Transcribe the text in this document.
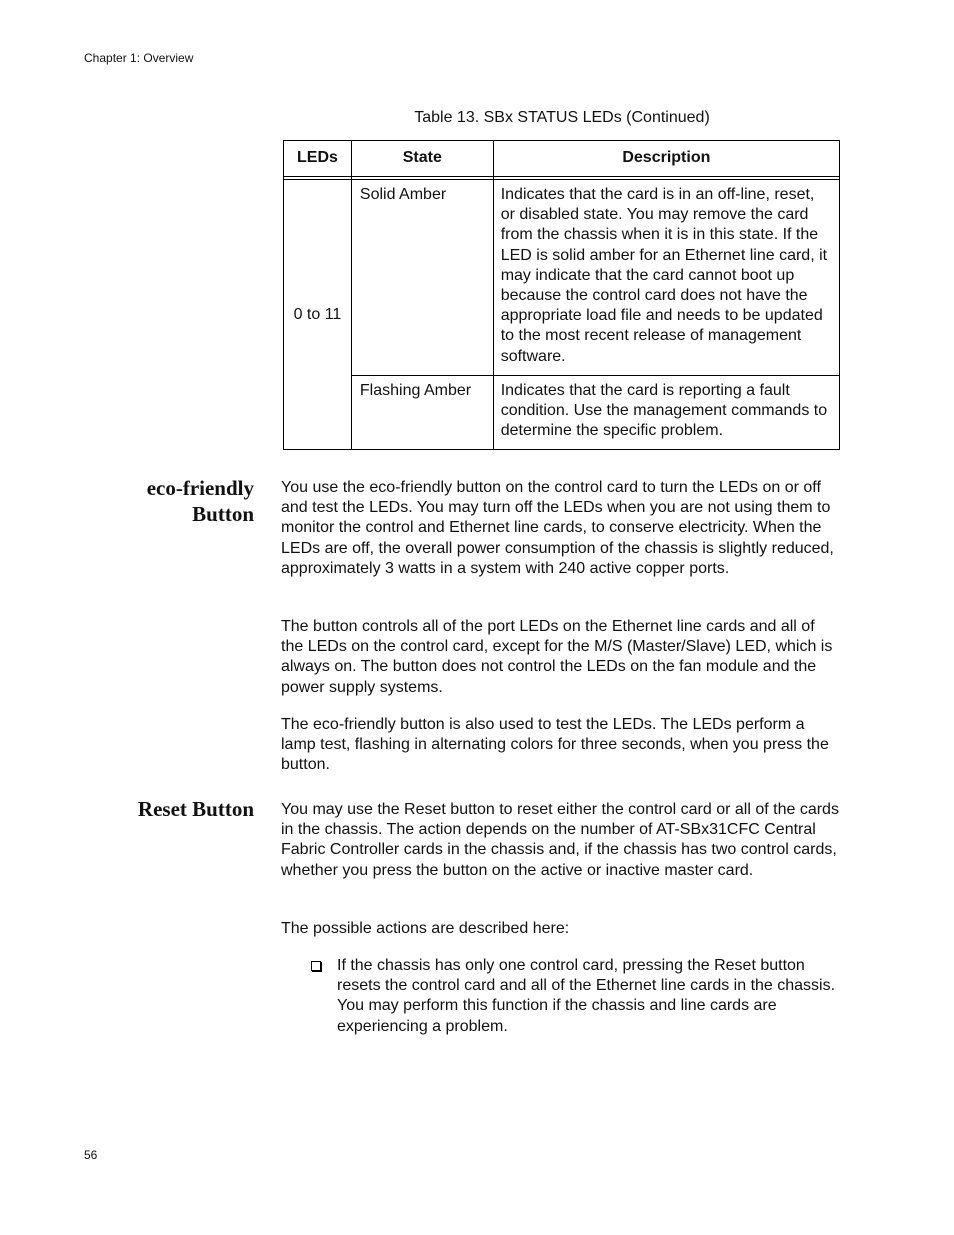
Chapter 1: Overview
Table 13. SBx STATUS LEDs (Continued)
LEDs	State	Description

0 to 11	Solid Amber	Indicates that the card is in an off-line, reset, or disabled state. You may remove the card from the chassis when it is in this state. If the LED is solid amber for an Ethernet line card, it may indicate that the card cannot boot up because the control card does not have the appropriate load file and needs to be updated to the most recent release of management software.
	Flashing Amber	Indicates that the card is reporting a fault condition. Use the management commands to determine the specific problem.
eco-friendly
Button

You use the eco-friendly button on the control card to turn the LEDs on or off and test the LEDs. You may turn off the LEDs when you are not using them to monitor the control and Ethernet line cards, to conserve electricity. When the LEDs are off, the overall power consumption of the chassis is slightly reduced, approximately 3 watts in a system with 240 active copper ports.

The button controls all of the port LEDs on the Ethernet line cards and all of the LEDs on the control card, except for the M/S (Master/Slave) LED, which is always on. The button does not control the LEDs on the fan module and the power supply systems.

The eco-friendly button is also used to test the LEDs. The LEDs perform a lamp test, flashing in alternating colors for three seconds, when you press the button.

Reset Button You may use the Reset button to reset either the control card or all of the cards in the chassis. The action depends on the number of AT-SBx31CFC Central Fabric Controller cards in the chassis and, if the chassis has two control cards, whether you press the button on the active or inactive master card.

The possible actions are described here:

If the chassis has only one control card, pressing the Reset button resets the control card and all of the Ethernet line cards in the chassis. You may perform this function if the chassis and line cards are experiencing a problem.

56
